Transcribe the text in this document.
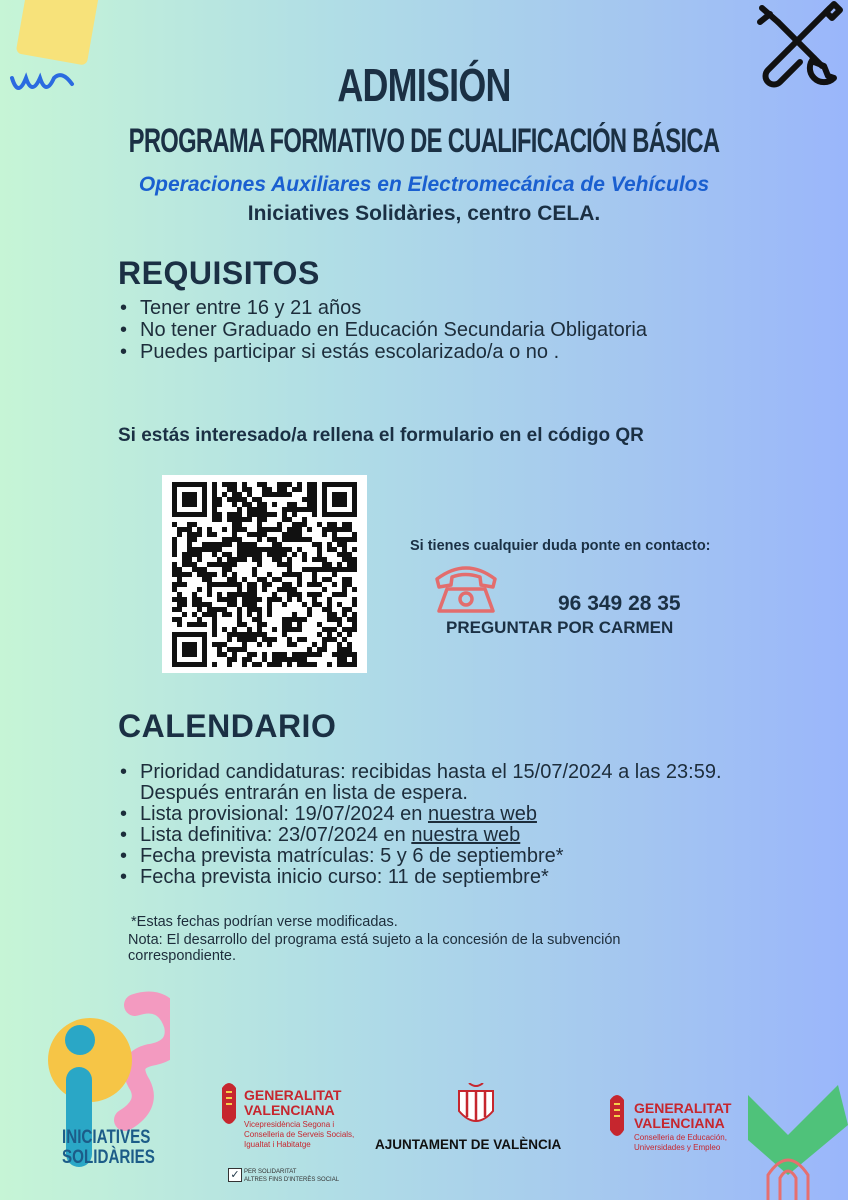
ADMISIÓN
PROGRAMA FORMATIVO DE CUALIFICACIÓN BÁSICA
Operaciones Auxiliares en Electromecánica de Vehículos
Iniciatives Solidàries, centro CELA.
REQUISITOS
• Tener entre 16 y 21 años
• No tener Graduado en Educación Secundaria Obligatoria
• Puedes participar si estás escolarizado/a o no .
Si estás interesado/a rellena el formulario en el código QR
Si tienes cualquier duda ponte en contacto:
96 349 28 35
PREGUNTAR POR CARMEN
CALENDARIO
• Prioridad candidaturas: recibidas hasta el 15/07/2024 a las 23:59. Después entrarán en lista de espera.
• Lista provisional: 19/07/2024 en nuestra web
• Lista definitiva: 23/07/2024 en nuestra web
• Fecha prevista matrículas: 5 y 6 de septiembre*
• Fecha prevista inicio curso: 11 de septiembre*
*Estas fechas podrían verse modificadas.
Nota: El desarrollo del programa está sujeto a la concesión de la subvención correspondiente.
INICIATIVES
SOLIDÀRIES
GENERALITAT
VALENCIANA
Vicepresidència Segona i
Conselleria de Serveis Socials,
Igualtat i Habitatge
✓ PER SOLIDARITAT
ALTRES FINS D'INTERÈS SOCIAL
AJUNTAMENT DE VALÈNCIA
GENERALITAT
VALENCIANA
Conselleria de Educación,
Universidades y Empleo
